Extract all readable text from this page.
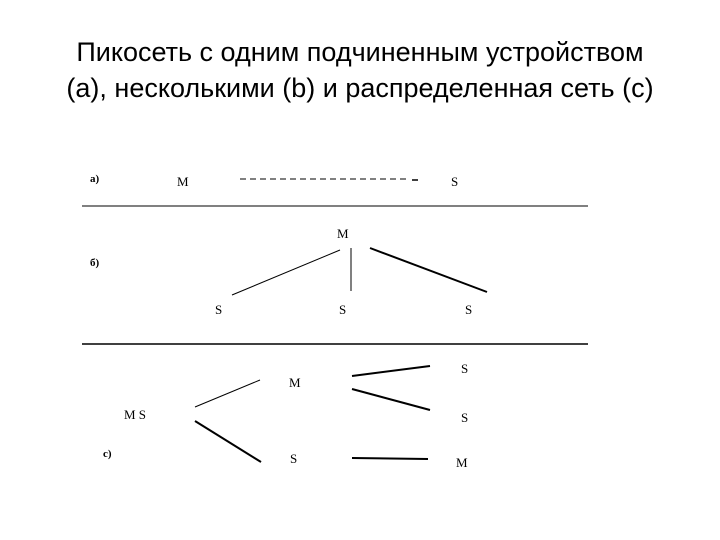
Пикосеть с одним подчиненным устройством
(а), несколькими (b) и распределенная сеть (с)
а)	M	S
M
б)
S	S	S
S
M
M S	S
с)	S	M
